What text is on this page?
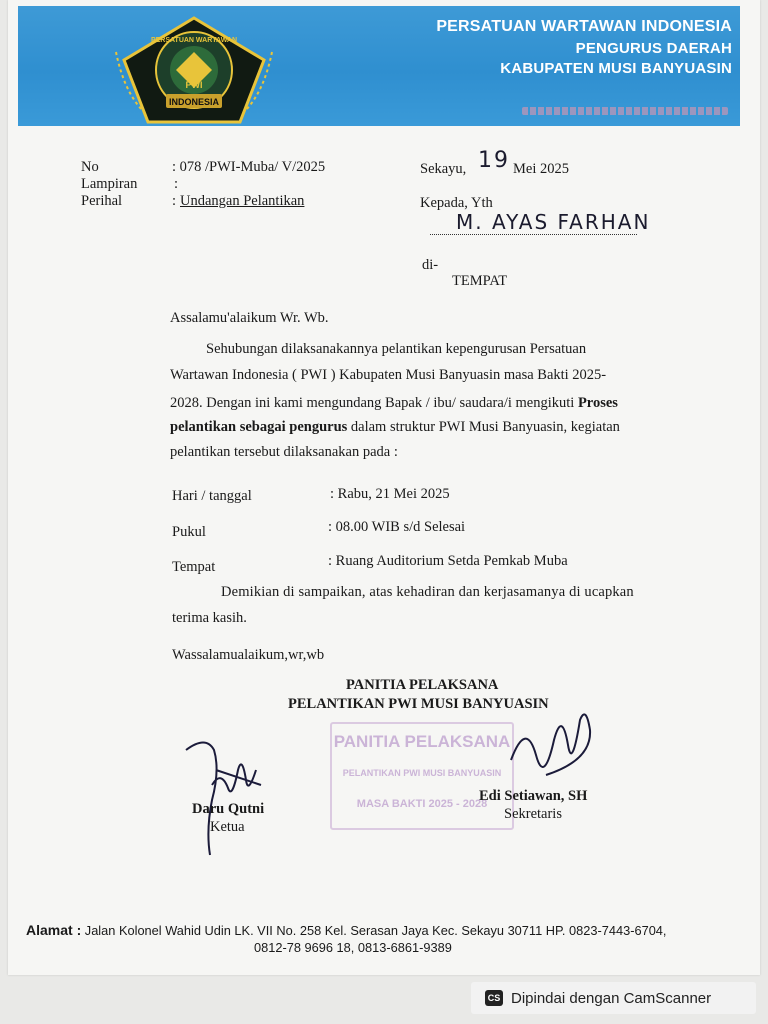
INDONESIA
PWI
PERSATUAN WARTAWAN
PERSATUAN WARTAWAN INDONESIA
PENGURUS DAERAH
KABUPATEN MUSI BANYUASIN
No	: 078 /PWI-Muba/ V/2025
Lampiran	:
Perihal	: Undangan Pelantikan
Sekayu, 19 Mei 2025
Kepada, Yth
M. AYAS FARHAN
di-
TEMPAT
Assalamu'alaikum Wr. Wb.
Sehubungan dilaksanakannya pelantikan kepengurusan Persatuan
Wartawan Indonesia ( PWI ) Kabupaten Musi Banyuasin masa Bakti 2025-
2028. Dengan ini kami mengundang Bapak / ibu/ saudara/i mengikuti Proses
pelantikan sebagai pengurus dalam struktur PWI Musi Banyuasin, kegiatan
pelantikan tersebut dilaksanakan pada :
Hari / tanggal	: Rabu, 21 Mei 2025
Pukul	: 08.00 WIB s/d Selesai
Tempat	: Ruang Auditorium Setda Pemkab Muba
Demikian di sampaikan, atas kehadiran dan kerjasamanya di ucapkan
terima kasih.
Wassalamualaikum,wr,wb
PANITIA PELAKSANA
PELANTIKAN PWI MUSI BANYUASIN
PANITIA PELAKSANA
PELANTIKAN PWI MUSI BANYUASIN
MASA BAKTI 2025 - 2028
Daru Qutni
Ketua
Edi Setiawan, SH
Sekretaris
Alamat : Jalan Kolonel Wahid Udin LK. VII No. 258 Kel. Serasan Jaya Kec. Sekayu 30711 HP. 0823-7443-6704,
0812-78 9696 18, 0813-6861-9389
CS Dipindai dengan CamScanner
